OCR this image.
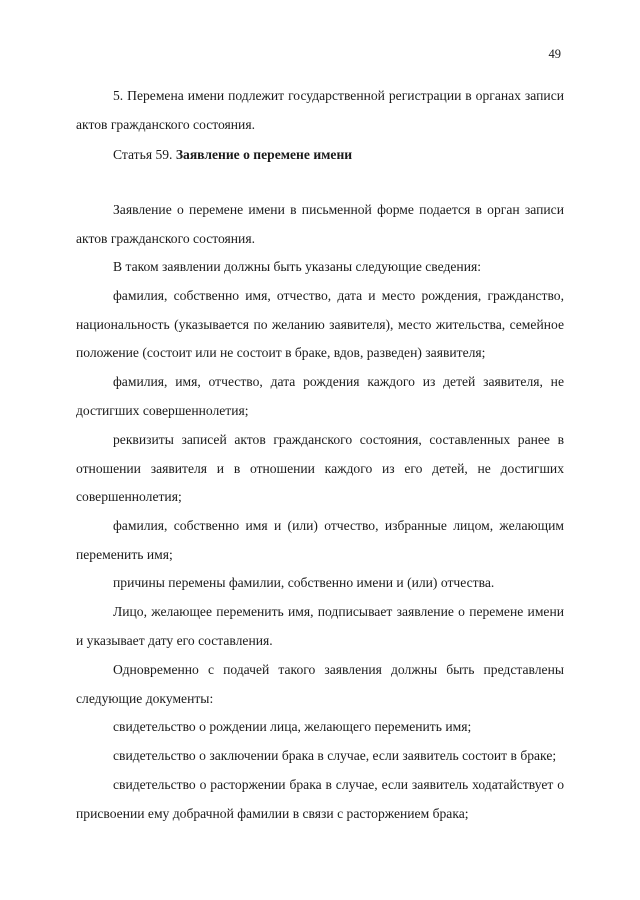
49
5. Перемена имени подлежит государственной регистрации в органах записи
актов гражданского состояния.
Статья 59. Заявление о перемене имени
Заявление о перемене имени в письменной форме подается в орган записи
актов гражданского состояния.
В таком заявлении должны быть указаны следующие сведения:
фамилия, собственно имя, отчество, дата и место рождения, гражданство,
национальность (указывается по желанию заявителя), место жительства, семейное
положение (состоит или не состоит в браке, вдов, разведен) заявителя;
фамилия, имя, отчество, дата рождения каждого из детей заявителя, не
достигших совершеннолетия;
реквизиты записей актов гражданского состояния, составленных ранее в
отношении заявителя и в отношении каждого из его детей, не достигших
совершеннолетия;
фамилия, собственно имя и (или) отчество, избранные лицом, желающим
переменить имя;
причины перемены фамилии, собственно имени и (или) отчества.
Лицо, желающее переменить имя, подписывает заявление о перемене имени
и указывает дату его составления.
Одновременно с подачей такого заявления должны быть представлены
следующие документы:
свидетельство о рождении лица, желающего переменить имя;
свидетельство о заключении брака в случае, если заявитель состоит в браке;
свидетельство о расторжении брака в случае, если заявитель ходатайствует о
присвоении ему добрачной фамилии в связи с расторжением брака;
